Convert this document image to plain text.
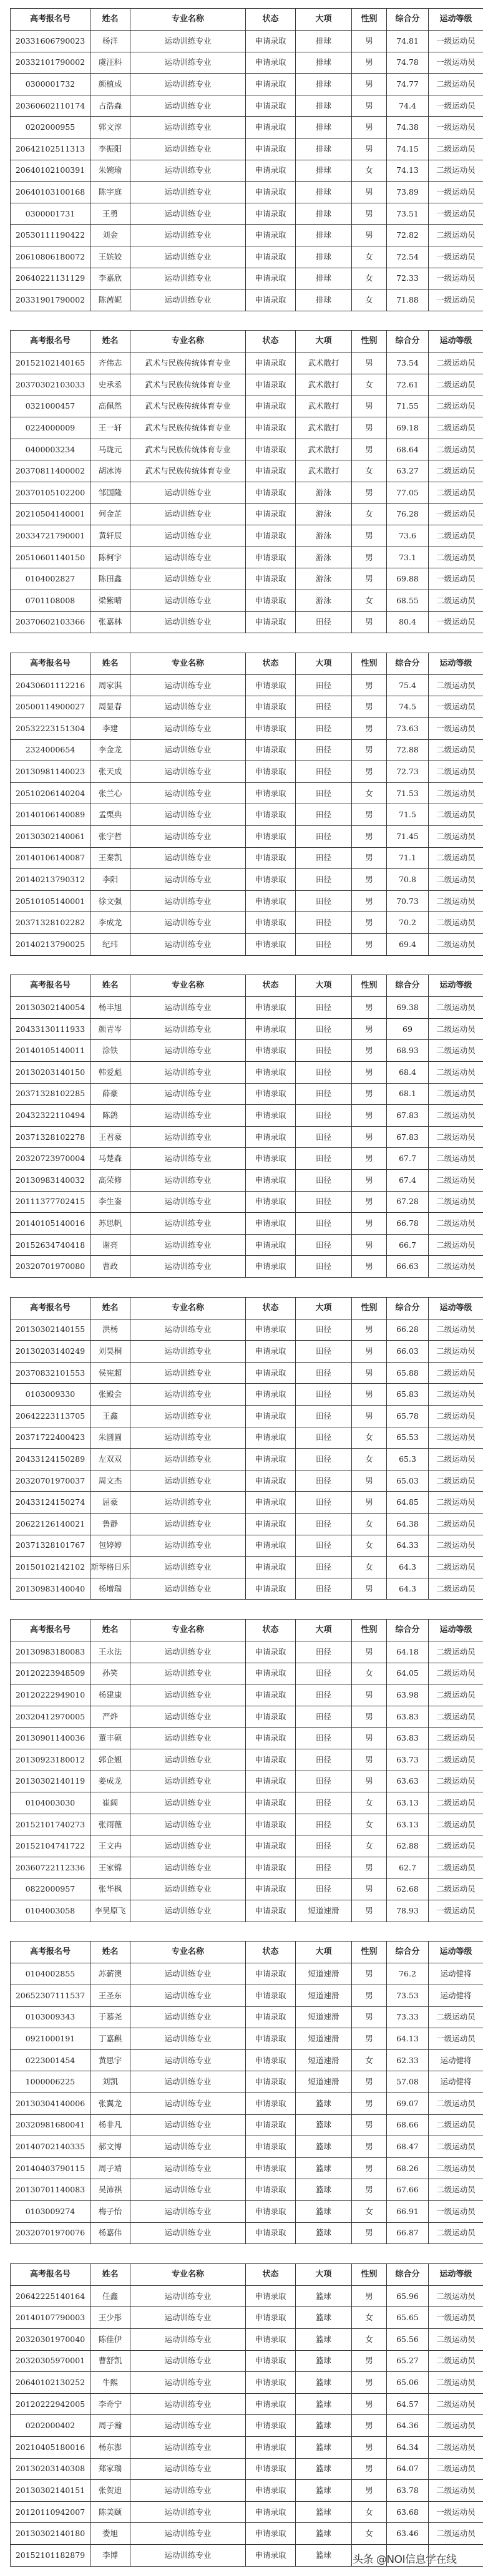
高考报名号	姓名	专业名称	状态	大项	性别	综合分	运动等级
20331606790023	杨洋	运动训练专业	申请录取	排球	男	74.81	一级运动员
20332101790002	虞汪科	运动训练专业	申请录取	排球	男	74.78	一级运动员
0300001732	颜植成	运动训练专业	申请录取	排球	男	74.77	二级运动员
20360602110174	占浩森	运动训练专业	申请录取	排球	男	74.4	一级运动员
0202000955	郭文淳	运动训练专业	申请录取	排球	男	74.38	一级运动员
20642102511313	李振阳	运动训练专业	申请录取	排球	男	74.15	二级运动员
20640102100391	朱婉瑜	运动训练专业	申请录取	排球	女	74.13	二级运动员
20640103100168	陈宇庭	运动训练专业	申请录取	排球	男	73.89	一级运动员
0300001731	王勇	运动训练专业	申请录取	排球	男	73.51	一级运动员
20530111190422	刘金	运动训练专业	申请录取	排球	男	72.82	二级运动员
20610806180072	王嫔姣	运动训练专业	申请录取	排球	女	72.54	一级运动员
20640221131129	李嘉欣	运动训练专业	申请录取	排球	女	72.33	一级运动员
20331901790002	陈茜妮	运动训练专业	申请录取	排球	女	71.88	一级运动员
高考报名号	姓名	专业名称	状态	大项	性别	综合分	运动等级
20152102140165	齐伟志	武术与民族传统体育专业	申请录取	武术散打	男	73.54	二级运动员
20370302103033	史承丞	武术与民族传统体育专业	申请录取	武术散打	女	72.61	二级运动员
0321000457	高佩然	武术与民族传统体育专业	申请录取	武术散打	男	71.55	二级运动员
0224000009	王一轩	武术与民族传统体育专业	申请录取	武术散打	男	69.18	二级运动员
0400003234	马珑元	武术与民族传统体育专业	申请录取	武术散打	男	68.64	二级运动员
20370811400002	胡冰涛	武术与民族传统体育专业	申请录取	武术散打	女	63.27	二级运动员
20370105102200	邹国隆	运动训练专业	申请录取	游泳	男	77.05	二级运动员
20210504140001	何金芷	运动训练专业	申请录取	游泳	女	76.28	一级运动员
20334721790001	黄轩辰	运动训练专业	申请录取	游泳	男	73.6	二级运动员
20510601140150	陈柯宇	运动训练专业	申请录取	游泳	男	73.1	二级运动员
0104002827	陈田鑫	运动训练专业	申请录取	游泳	男	69.88	一级运动员
0701108008	梁紫晴	运动训练专业	申请录取	游泳	女	68.55	二级运动员
20370602103366	张嘉林	运动训练专业	申请录取	田径	男	80.4	一级运动员
高考报名号	姓名	专业名称	状态	大项	性别	综合分	运动等级
20430601112216	周家淇	运动训练专业	申请录取	田径	男	75.4	二级运动员
20500114900027	周显春	运动训练专业	申请录取	田径	男	74.5	一级运动员
20532223151304	李建	运动训练专业	申请录取	田径	男	73.63	一级运动员
2324000654	李金龙	运动训练专业	申请录取	田径	男	72.88	二级运动员
20130981140023	张天成	运动训练专业	申请录取	田径	男	72.73	二级运动员
20510206140204	张兰心	运动训练专业	申请录取	田径	女	71.53	二级运动员
20140106140089	孟栗典	运动训练专业	申请录取	田径	男	71.5	二级运动员
20130302140061	张宇哲	运动训练专业	申请录取	田径	男	71.45	二级运动员
20140106140087	王秦凯	运动训练专业	申请录取	田径	男	71.1	二级运动员
20140213790312	李阳	运动训练专业	申请录取	田径	男	70.8	二级运动员
20510105140001	徐文强	运动训练专业	申请录取	田径	男	70.73	二级运动员
20371328102282	李成龙	运动训练专业	申请录取	田径	男	70.2	二级运动员
20140213790025	纪玮	运动训练专业	申请录取	田径	男	69.4	二级运动员
高考报名号	姓名	专业名称	状态	大项	性别	综合分	运动等级
20130302140054	杨丰旭	运动训练专业	申请录取	田径	男	69.38	二级运动员
20433130111933	颜青岑	运动训练专业	申请录取	田径	男	69	二级运动员
20140105140011	涂铁	运动训练专业	申请录取	田径	男	68.93	二级运动员
20130203140150	韩爱彪	运动训练专业	申请录取	田径	男	68.4	二级运动员
20371328102285	薛豪	运动训练专业	申请录取	田径	男	68.1	二级运动员
20432322110494	陈鸽	运动训练专业	申请录取	田径	男	67.83	二级运动员
20371328102278	王君豪	运动训练专业	申请录取	田径	男	67.83	二级运动员
20320723970004	马楚森	运动训练专业	申请录取	田径	男	67.7	二级运动员
20130983140032	高荣修	运动训练专业	申请录取	田径	男	67.4	二级运动员
20111377702415	李生崟	运动训练专业	申请录取	田径	男	67.28	二级运动员
20140105140016	苏思帆	运动训练专业	申请录取	田径	男	66.78	二级运动员
20152634740418	谢亮	运动训练专业	申请录取	田径	男	66.7	二级运动员
20320701970080	曹政	运动训练专业	申请录取	田径	男	66.63	二级运动员
高考报名号	姓名	专业名称	状态	大项	性别	综合分	运动等级
20130302140155	洪杨	运动训练专业	申请录取	田径	男	66.28	二级运动员
20130203140249	刘昊桐	运动训练专业	申请录取	田径	男	66.03	二级运动员
20370832101553	侯宪超	运动训练专业	申请录取	田径	男	65.88	二级运动员
0103009330	张殿会	运动训练专业	申请录取	田径	男	65.83	二级运动员
20642223113705	王鑫	运动训练专业	申请录取	田径	男	65.78	二级运动员
20371722400423	朱圆圆	运动训练专业	申请录取	田径	女	65.53	二级运动员
20433124150289	左双双	运动训练专业	申请录取	田径	女	65.3	二级运动员
20320701970037	周文杰	运动训练专业	申请录取	田径	男	65.03	二级运动员
20433124150274	屈豪	运动训练专业	申请录取	田径	男	64.85	二级运动员
20622126140021	鲁静	运动训练专业	申请录取	田径	女	64.38	二级运动员
20371328101767	包婷婷	运动训练专业	申请录取	田径	女	64.33	二级运动员
20150102142102	斯琴格日乐	运动训练专业	申请录取	田径	女	64.3	二级运动员
20130983140040	杨增瑞	运动训练专业	申请录取	田径	男	64.3	二级运动员
高考报名号	姓名	专业名称	状态	大项	性别	综合分	运动等级
20130983180083	王永法	运动训练专业	申请录取	田径	男	64.18	二级运动员
20120223948509	孙笑	运动训练专业	申请录取	田径	女	64.05	二级运动员
20120222949010	杨建康	运动训练专业	申请录取	田径	男	63.98	二级运动员
20320412970005	严烨	运动训练专业	申请录取	田径	男	63.83	二级运动员
20130901140036	董丰硕	运动训练专业	申请录取	田径	男	63.83	二级运动员
20130923180012	郭企翘	运动训练专业	申请录取	田径	男	63.73	二级运动员
20130302140119	姜成龙	运动训练专业	申请录取	田径	男	63.63	二级运动员
0104003030	崔阔	运动训练专业	申请录取	田径	女	63.13	二级运动员
20152101740273	张雨薇	运动训练专业	申请录取	田径	女	63.13	二级运动员
20152104741722	王文冉	运动训练专业	申请录取	田径	女	62.88	二级运动员
20360722112336	王家锦	运动训练专业	申请录取	田径	男	62.7	二级运动员
0822000957	张华枫	运动训练专业	申请录取	田径	男	62.68	二级运动员
0104003058	李昊原飞	运动训练专业	申请录取	短道速滑	男	78.93	一级运动员
高考报名号	姓名	专业名称	状态	大项	性别	综合分	运动等级
0104002855	苏薪澳	运动训练专业	申请录取	短道速滑	男	76.2	运动健将
20652307111537	王圣东	运动训练专业	申请录取	短道速滑	男	73.53	运动健将
0103009343	于慕尧	运动训练专业	申请录取	短道速滑	男	73.33	二级运动员
0921000191	丁嘉麒	运动训练专业	申请录取	短道速滑	男	64.13	一级运动员
0223001454	黄思宇	运动训练专业	申请录取	短道速滑	女	62.33	运动健将
1000006225	刘凯	运动训练专业	申请录取	短道速滑	男	57.08	运动健将
20130304140006	张翼龙	运动训练专业	申请录取	篮球	男	69.07	二级运动员
20320981680041	杨非凡	运动训练专业	申请录取	篮球	男	68.66	二级运动员
20140702140335	郝文博	运动训练专业	申请录取	篮球	男	68.47	二级运动员
20140403790115	周子靖	运动训练专业	申请录取	篮球	男	68.26	二级运动员
20130701140083	吴沛祺	运动训练专业	申请录取	篮球	男	67.66	二级运动员
0103009274	梅子怡	运动训练专业	申请录取	篮球	女	66.91	一级运动员
20320701970076	杨嘉伟	运动训练专业	申请录取	篮球	男	66.87	二级运动员
高考报名号	姓名	专业名称	状态	大项	性别	综合分	运动等级
20642225140164	任鑫	运动训练专业	申请录取	篮球	男	65.96	二级运动员
20140107790003	王少彤	运动训练专业	申请录取	篮球	女	65.65	一级运动员
20320301970040	陈佳伊	运动训练专业	申请录取	篮球	女	65.56	二级运动员
20320305970001	曹舒凯	运动训练专业	申请录取	篮球	男	65.27	二级运动员
20640102130252	牛熙	运动训练专业	申请录取	篮球	男	65.06	二级运动员
20120222942005	李奇宁	运动训练专业	申请录取	篮球	男	64.57	二级运动员
0202000402	周子瀚	运动训练专业	申请录取	篮球	男	64.36	二级运动员
20210405180016	杨东澎	运动训练专业	申请录取	篮球	男	64.34	二级运动员
20130203140308	郑家瑞	运动训练专业	申请录取	篮球	男	64.07	二级运动员
20130302140151	张贺迪	运动训练专业	申请录取	篮球	男	63.78	二级运动员
20120110942007	陈美颐	运动训练专业	申请录取	篮球	女	63.68	一级运动员
20130302140180	娄旭	运动训练专业	申请录取	篮球	女	63.46	二级运动员
20152101182879	李博	运动训练专业	申请录取	篮球			头条 @NOI信息学在线
